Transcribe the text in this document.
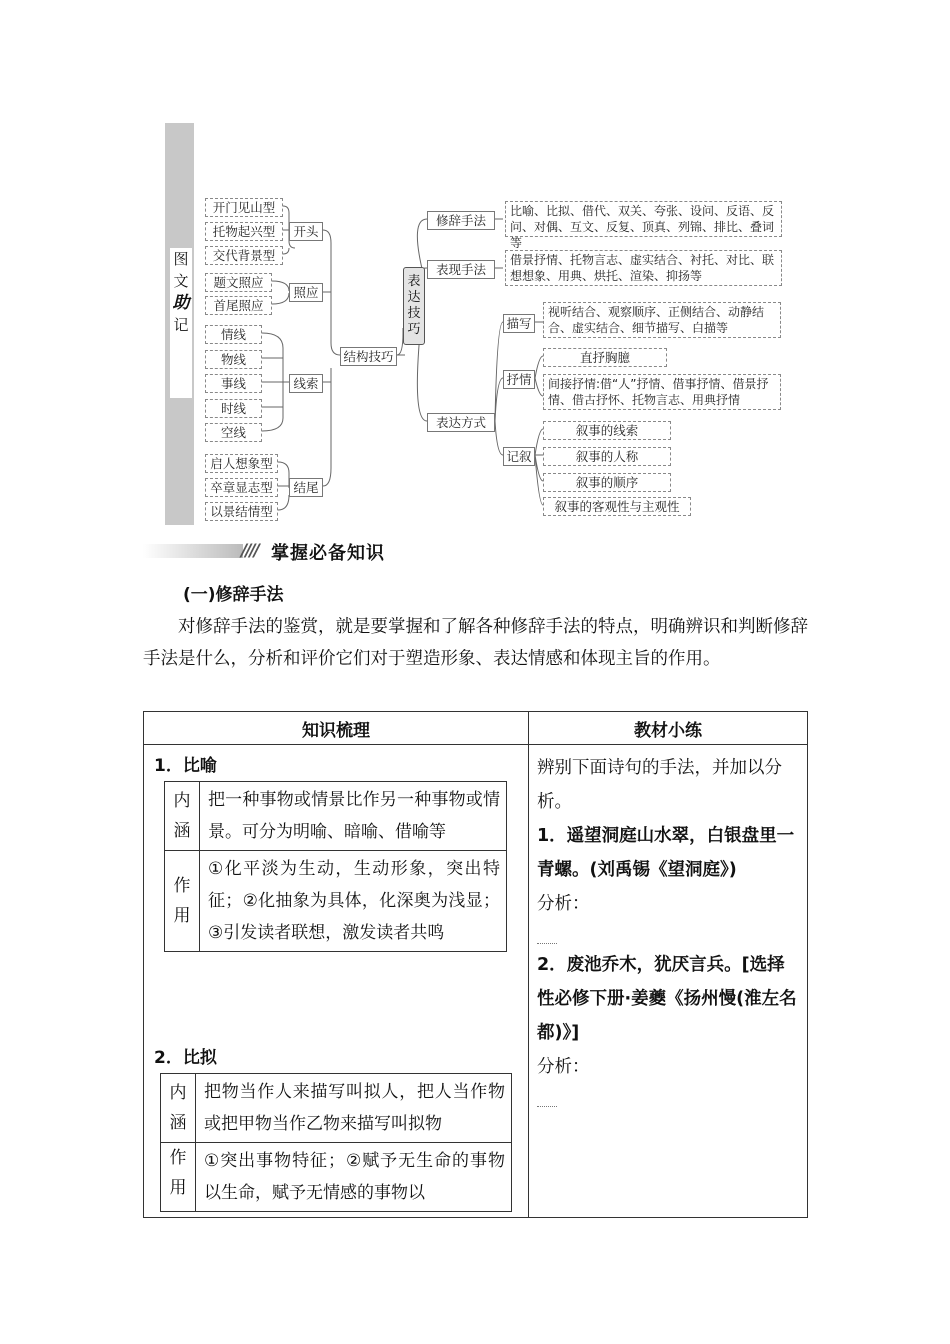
图
文
助
记
开门见山型
托物起兴型
交代背景型
开头
题文照应
首尾照应
照应
情线
物线
事线
时线
空线
线索
启人想象型
卒章显志型
以景结情型
结尾
结构技巧
表达技巧
修辞手法
比喻、比拟、借代、双关、夸张、设问、反语、反问、对偶、互文、反复、顶真、列锦、排比、叠词等
表现手法
借景抒情、托物言志、虚实结合、衬托、对比、联想想象、用典、烘托、渲染、抑扬等
表达方式
描写
视听结合、观察顺序、正侧结合、动静结合、虚实结合、细节描写、白描等
抒情
直抒胸臆
间接抒情:借“人”抒情、借事抒情、借景抒情、借古抒怀、托物言志、用典抒情
记叙
叙事的线索
叙事的人称
叙事的顺序
叙事的客观性与主观性
//// 掌握必备知识
(一)修辞手法
对修辞手法的鉴赏，就是要掌握和了解各种修辞手法的特点，明确辨识和判断修辞手法是什么，分析和评价它们对于塑造形象、表达情感和体现主旨的作用。
知识梳理	教材小练

1．比喻
内涵
	把一种事物或情景比作另一种事物或情景。可分为明喻、暗喻、借喻等

作用
	①化平淡为生动，生动形象，突出特征；②化抽象为具体，化深奥为浅显；③引发读者联想，激发读者共鸣
2．比拟
内涵
	把物当作人来描写叫拟人，把人当作物或把甲物当作乙物来描写叫拟物

作用
	①突出事物特征；②赋予无生命的事物以生命，赋予无情感的事物以

辨别下面诗句的手法，并加以分析。

1．遥望洞庭山水翠，白银盘里一青螺。(刘禹锡《望洞庭》)

分析：

2．废池乔木，犹厌言兵。[选择性必修下册·姜夔《扬州慢(淮左名都)》]

分析：
